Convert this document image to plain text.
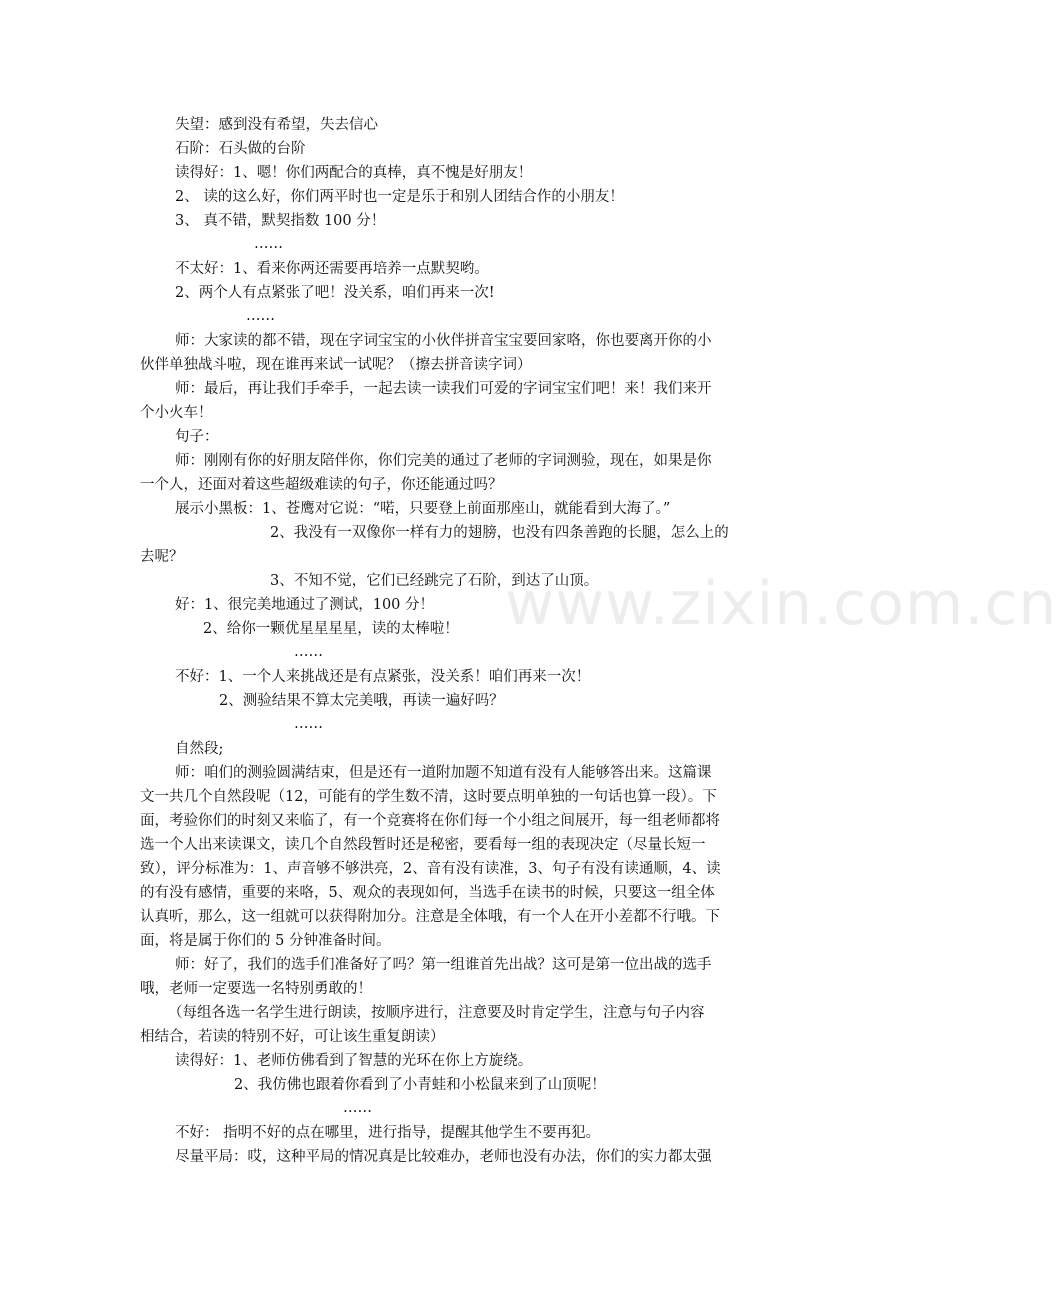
www.zixin.com.cn
失望：感到没有希望，失去信心
石阶：石头做的台阶
读得好：1、嗯！你们两配合的真棒，真不愧是好朋友！
2、 读的这么好，你们两平时也一定是乐于和别人团结合作的小朋友！
3、 真不错，默契指数 100 分！
……
不太好：1、看来你两还需要再培养一点默契哟。
2、两个人有点紧张了吧！没关系，咱们再来一次!
……
师：大家读的都不错，现在字词宝宝的小伙伴拼音宝宝要回家咯，你也要离开你的小
伙伴单独战斗啦，现在谁再来试一试呢？（擦去拼音读字词）
师：最后，再让我们手牵手，一起去读一读我们可爱的字词宝宝们吧！来！我们来开
个小火车！
句子：
师：刚刚有你的好朋友陪伴你，你们完美的通过了老师的字词测验，现在，如果是你
一个人，还面对着这些超级难读的句子，你还能通过吗？
展示小黑板：1、苍鹰对它说：“喏，只要登上前面那座山，就能看到大海了。”
2、我没有一双像你一样有力的翅膀，也没有四条善跑的长腿，怎么上的
去呢？
3、不知不觉，它们已经跳完了石阶，到达了山顶。
好：1、很完美地通过了测试，100 分！
2、给你一颗优星星星星，读的太棒啦！
……
不好：1、一个人来挑战还是有点紧张，没关系！咱们再来一次！
2、测验结果不算太完美哦，再读一遍好吗？
……
自然段;
师：咱们的测验圆满结束，但是还有一道附加题不知道有没有人能够答出来。这篇课
文一共几个自然段呢（12，可能有的学生数不清，这时要点明单独的一句话也算一段）。下
面，考验你们的时刻又来临了，有一个竞赛将在你们每一个小组之间展开，每一组老师都将
选一个人出来读课文，读几个自然段暂时还是秘密，要看每一组的表现决定（尽量长短一
致），评分标准为：1、声音够不够洪亮，2、音有没有读准，3、句子有没有读通顺，4、读
的有没有感情，重要的来咯，5、观众的表现如何，当选手在读书的时候，只要这一组全体
认真听，那么，这一组就可以获得附加分。注意是全体哦，有一个人在开小差都不行哦。下
面，将是属于你们的 5 分钟准备时间。
师：好了，我们的选手们准备好了吗？第一组谁首先出战？这可是第一位出战的选手
哦，老师一定要选一名特别勇敢的！
（每组各选一名学生进行朗读，按顺序进行，注意要及时肯定学生，注意与句子内容
相结合，若读的特别不好，可让该生重复朗读）
读得好：1、老师仿佛看到了智慧的光环在你上方旋绕。
2、我仿佛也跟着你看到了小青蛙和小松鼠来到了山顶呢！
……
不好： 指明不好的点在哪里，进行指导，提醒其他学生不要再犯。
尽量平局：哎，这种平局的情况真是比较难办，老师也没有办法，你们的实力都太强
